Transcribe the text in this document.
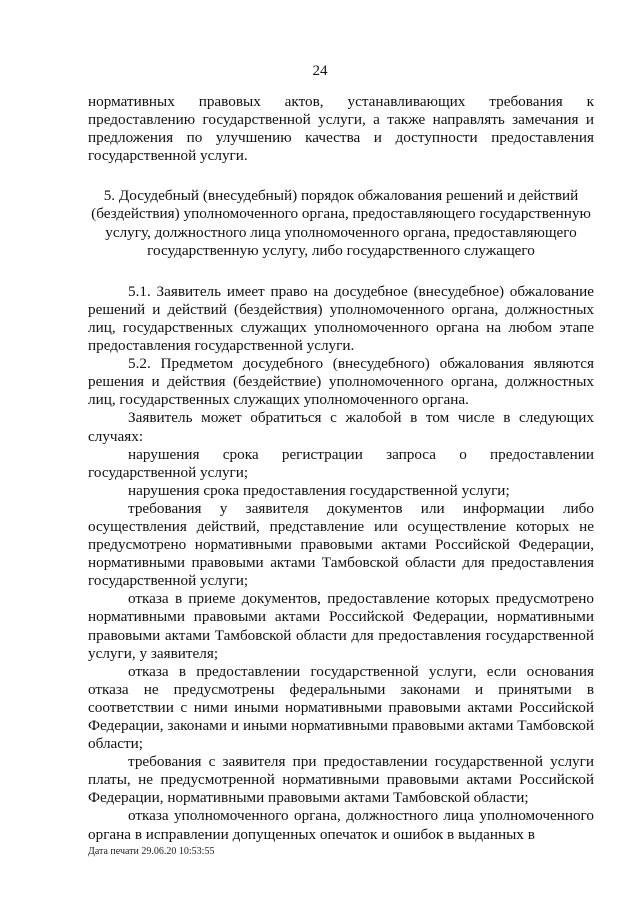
24

нормативных правовых актов, устанавливающих требования к предоставлению государственной услуги, а также направлять замечания и предложения по улучшению качества и доступности предоставления государственной услуги.

5. Досудебный (внесудебный) порядок обжалования решений и действий (бездействия) уполномоченного органа, предоставляющего государственную услугу, должностного лица уполномоченного органа, предоставляющего государственную услугу, либо государственного служащего

5.1. Заявитель имеет право на досудебное (внесудебное) обжалование решений и действий (бездействия) уполномоченного органа, должностных лиц, государственных служащих уполномоченного органа на любом этапе предоставления государственной услуги.

5.2. Предметом досудебного (внесудебного) обжалования являются решения и действия (бездействие) уполномоченного органа, должностных лиц, государственных служащих уполномоченного органа.

Заявитель может обратиться с жалобой в том числе в следующих случаях:

нарушения срока регистрации запроса о предоставлении государственной услуги;

нарушения срока предоставления государственной услуги;

требования у заявителя документов или информации либо осуществления действий, представление или осуществление которых не предусмотрено нормативными правовыми актами Российской Федерации, нормативными правовыми актами Тамбовской области для предоставления государственной услуги;

отказа в приеме документов, предоставление которых предусмотрено нормативными правовыми актами Российской Федерации, нормативными правовыми актами Тамбовской области для предоставления государственной услуги, у заявителя;

отказа в предоставлении государственной услуги, если основания отказа не предусмотрены федеральными законами и принятыми в соответствии с ними иными нормативными правовыми актами Российской Федерации, законами и иными нормативными правовыми актами Тамбовской области;

требования с заявителя при предоставлении государственной услуги платы, не предусмотренной нормативными правовыми актами Российской Федерации, нормативными правовыми актами Тамбовской области;

отказа уполномоченного органа, должностного лица уполномоченного органа в исправлении допущенных опечаток и ошибок в выданных в

Дата печати 29.06.20 10:53:55
